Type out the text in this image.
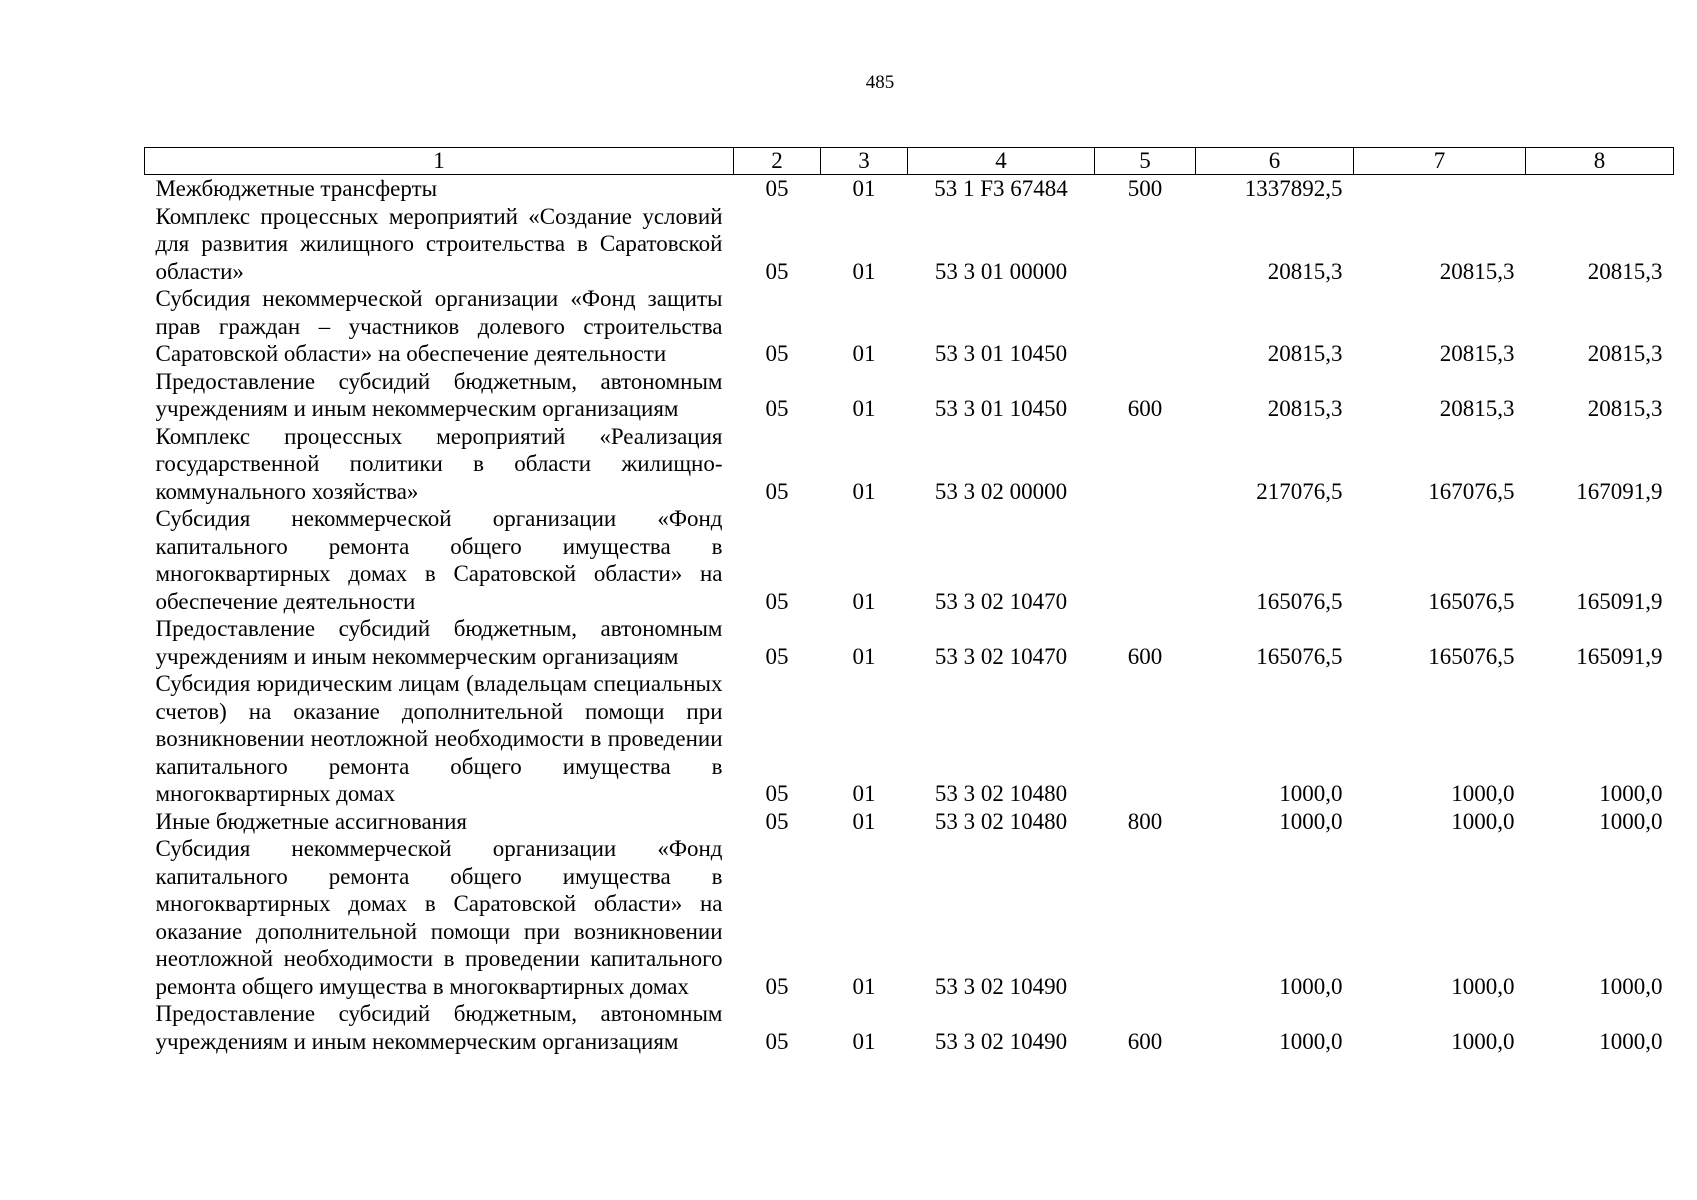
485
1	2	3	4	5	6	7	8
Межбюджетные трансферты	05	01	53 1 F3 67484	500	1337892,5		
Комплекс процессных мероприятий «Создание условий для развития жилищного строительства в Саратовской области»	05	01	53 3 01 00000		20815,3	20815,3	20815,3
Субсидия некоммерческой организации «Фонд защиты прав граждан – участников долевого строительства Саратовской области» на обеспечение деятельности	05	01	53 3 01 10450		20815,3	20815,3	20815,3
Предоставление субсидий бюджетным, автономным учреждениям и иным некоммерческим организациям	05	01	53 3 01 10450	600	20815,3	20815,3	20815,3
Комплекс процессных мероприятий «Реализация государственной политики в области жилищно-коммунального хозяйства»	05	01	53 3 02 00000		217076,5	167076,5	167091,9
Субсидия некоммерческой организации «Фонд капитального ремонта общего имущества в многоквартирных домах в Саратовской области» на обеспечение деятельности	05	01	53 3 02 10470		165076,5	165076,5	165091,9
Предоставление субсидий бюджетным, автономным учреждениям и иным некоммерческим организациям	05	01	53 3 02 10470	600	165076,5	165076,5	165091,9
Субсидия юридическим лицам (владельцам специальных счетов) на оказание дополнительной помощи при возникновении неотложной необходимости в проведении капитального ремонта общего имущества в многоквартирных домах	05	01	53 3 02 10480		1000,0	1000,0	1000,0
Иные бюджетные ассигнования	05	01	53 3 02 10480	800	1000,0	1000,0	1000,0
Субсидия некоммерческой организации «Фонд капитального ремонта общего имущества в многоквартирных домах в Саратовской области» на оказание дополнительной помощи при возникновении неотложной необходимости в проведении капитального ремонта общего имущества в многоквартирных домах	05	01	53 3 02 10490		1000,0	1000,0	1000,0
Предоставление субсидий бюджетным, автономным учреждениям и иным некоммерческим организациям	05	01	53 3 02 10490	600	1000,0	1000,0	1000,0
